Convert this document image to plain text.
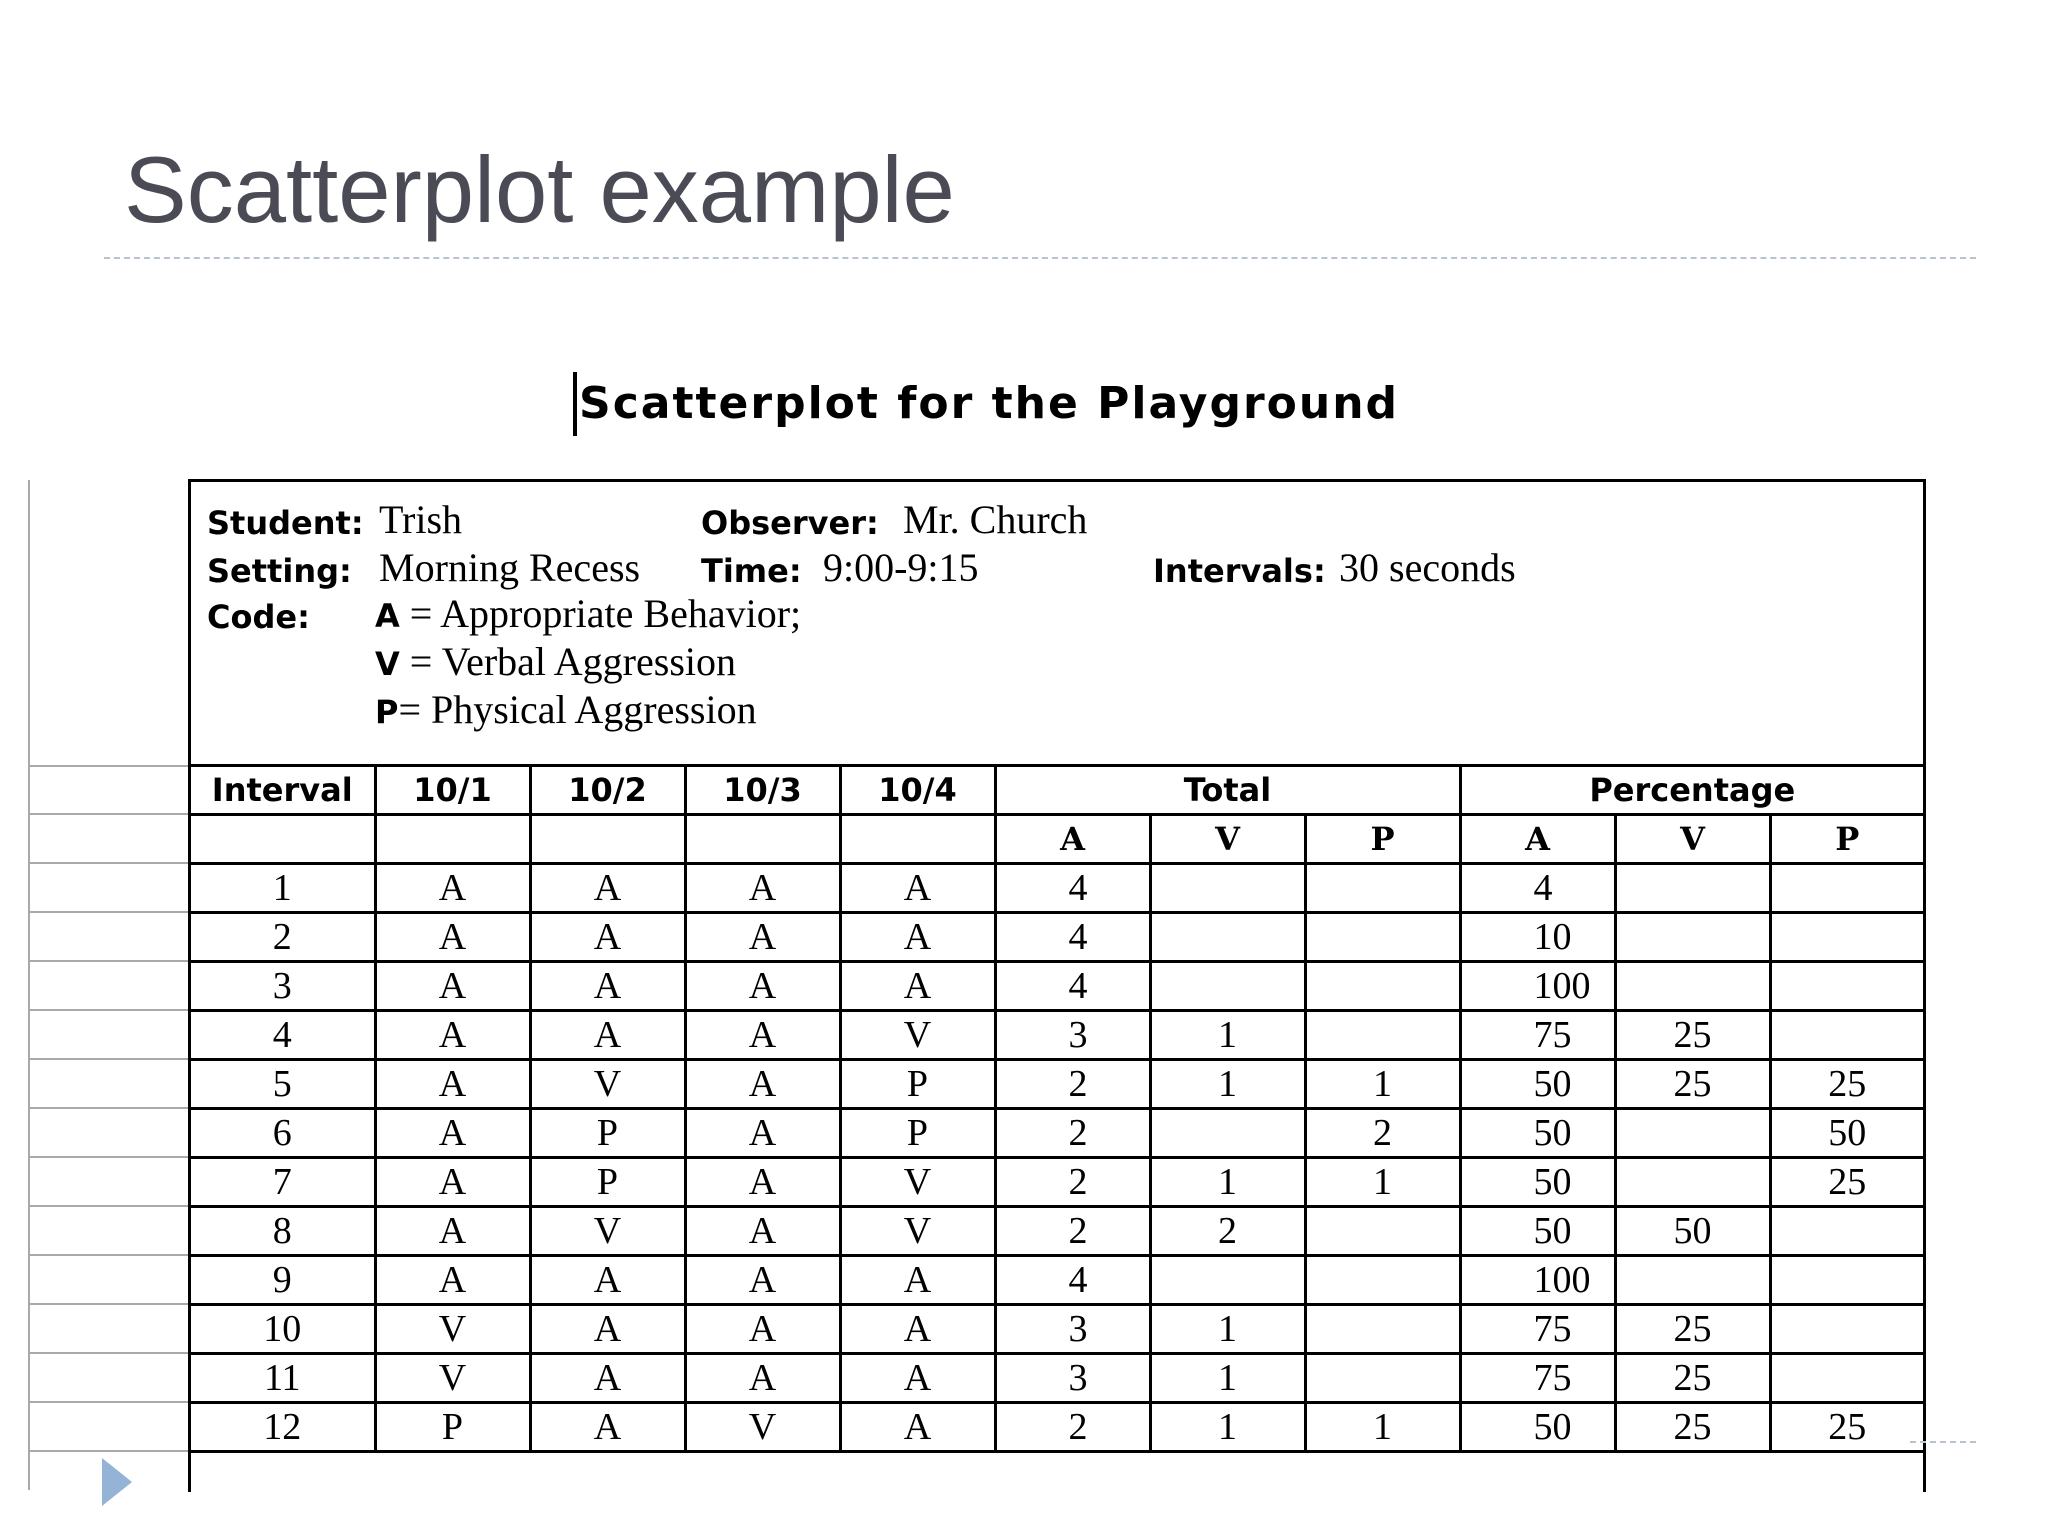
Scatterplot example
Scatterplot for the Playground
Student: Trish	Observer: Mr. Church
Setting: Morning Recess Time: 9:00-9:15	Intervals: 30 seconds
Code: A = Appropriate Behavior;
V = Verbal Aggression
P= Physical Aggression
Interval	10/1	10/2	10/3	10/4	Total			Percentage		
					A	V	P	A	V	P
1	A	A	A	A	4			4		
2	A	A	A	A	4			10		
3	A	A	A	A	4			100		
4	A	A	A	V	3	1		75	25	
5	A	V	A	P	2	1	1	50	25	25
6	A	P	A	P	2		2	50		50
7	A	P	A	V	2	1	1	50		25
8	A	V	A	V	2	2		50	50	
9	A	A	A	A	4			100		
10	V	A	A	A	3	1		75	25	
11	V	A	A	A	3	1		75	25	
12	P	A	V	A	2	1	1	50	25	25
